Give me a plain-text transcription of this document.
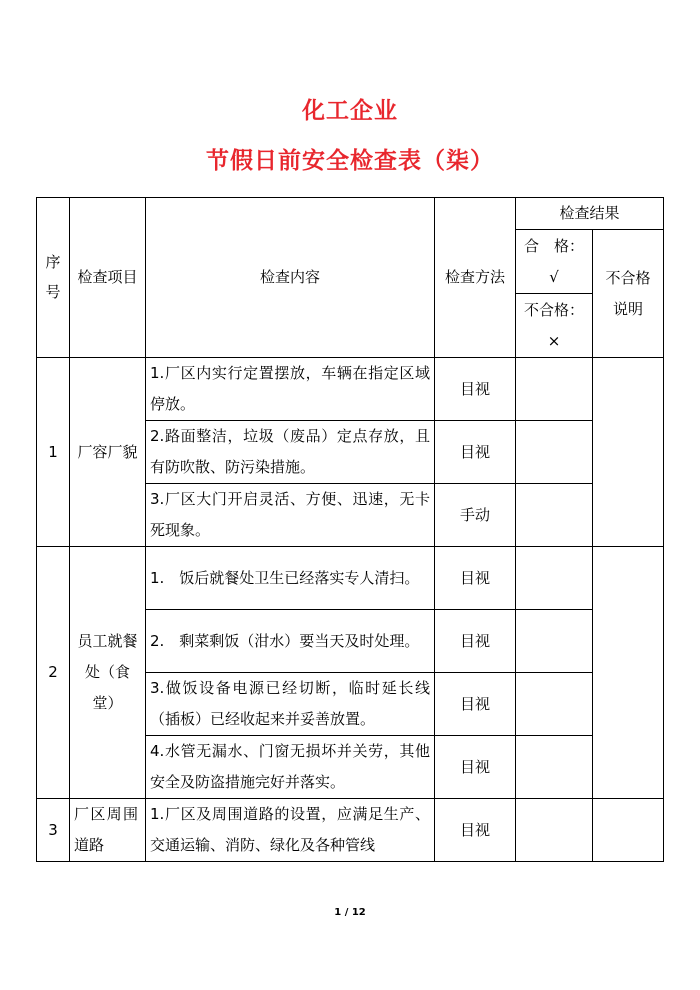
化工企业
节假日前安全检查表（柒）
序号	检查项目	检查内容	检查方法	检查结果	
				合　格：√	不合格说明
				不合格：×	
1	厂容厂貌	1.厂区内实行定置摆放，车辆在指定区域停放。	目视		
		2.路面整洁，垃圾（废品）定点存放，且有防吹散、防污染措施。	目视		
		3.厂区大门开启灵活、方便、迅速，无卡死现象。	手动		
2	员工就餐处（食堂）	1.　饭后就餐处卫生已经落实专人清扫。	目视		
		2.　剩菜剩饭（泔水）要当天及时处理。	目视		
		3.做饭设备电源已经切断，临时延长线（插板）已经收起来并妥善放置。	目视		
		4.水管无漏水、门窗无损坏并关劳，其他安全及防盗措施完好并落实。	目视		
3	厂区周围道路	1.厂区及周围道路的设置，应满足生产、交通运输、消防、绿化及各种管线	目视		
1 / 12
